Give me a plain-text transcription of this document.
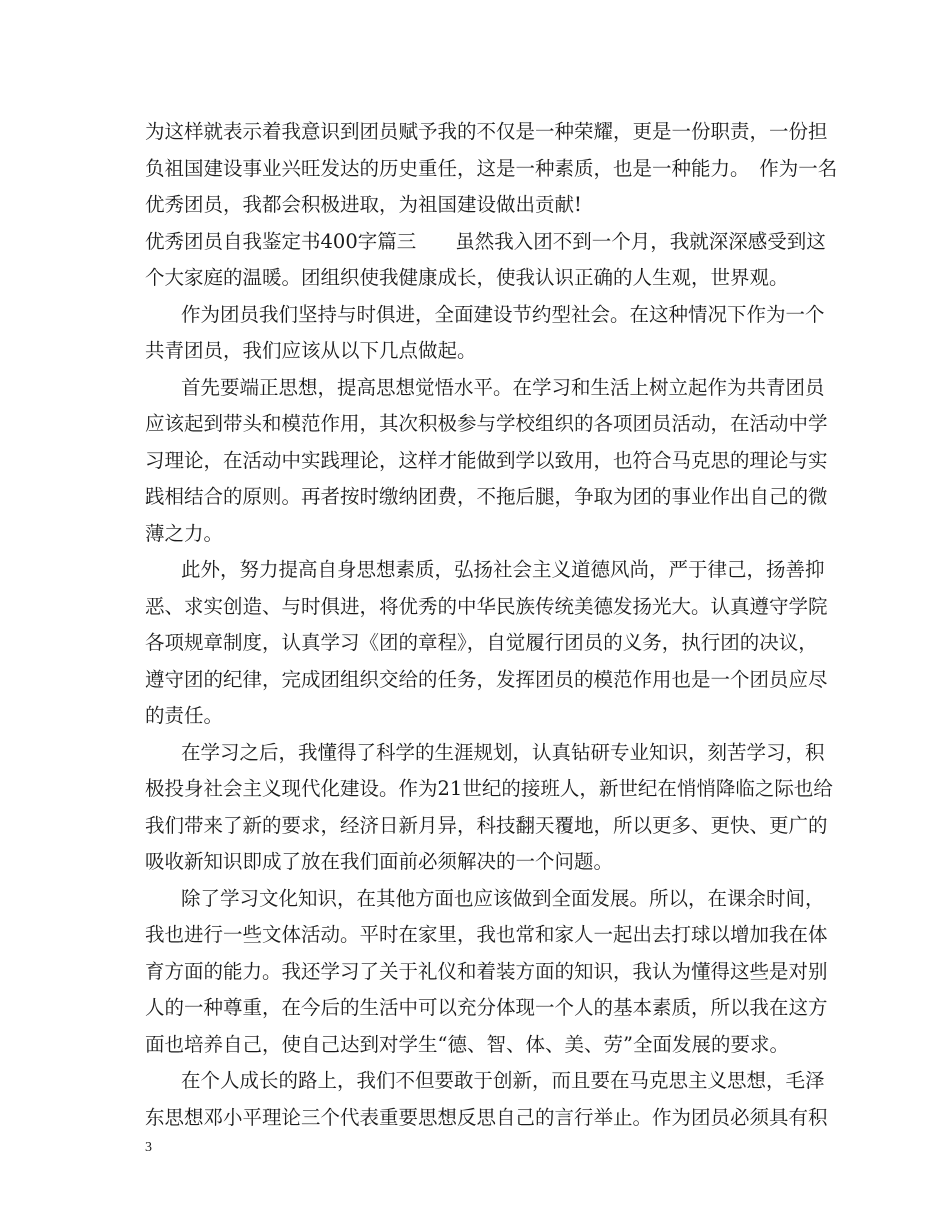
为这样就表示着我意识到团员赋予我的不仅是一种荣耀，更是一份职责，一份担
负祖国建设事业兴旺发达的历史重任，这是一种素质，也是一种能力。　作为一名
优秀团员，我都会积极进取，为祖国建设做出贡献!
优秀团员自我鉴定书400字篇三　　虽然我入团不到一个月，我就深深感受到这
个大家庭的温暖。团组织使我健康成长，使我认识正确的人生观，世界观。
作为团员我们坚持与时俱进，全面建设节约型社会。在这种情况下作为一个
共青团员，我们应该从以下几点做起。
首先要端正思想，提高思想觉悟水平。在学习和生活上树立起作为共青团员
应该起到带头和模范作用，其次积极参与学校组织的各项团员活动，在活动中学
习理论，在活动中实践理论，这样才能做到学以致用，也符合马克思的理论与实
践相结合的原则。再者按时缴纳团费，不拖后腿，争取为团的事业作出自己的微
薄之力。
此外，努力提高自身思想素质，弘扬社会主义道德风尚，严于律己，扬善抑
恶、求实创造、与时俱进，将优秀的中华民族传统美德发扬光大。认真遵守学院
各项规章制度，认真学习《团的章程》，自觉履行团员的义务，执行团的决议，
遵守团的纪律，完成团组织交给的任务，发挥团员的模范作用也是一个团员应尽
的责任。
在学习之后，我懂得了科学的生涯规划，认真钻研专业知识，刻苦学习，积
极投身社会主义现代化建设。作为21世纪的接班人，新世纪在悄悄降临之际也给
我们带来了新的要求，经济日新月异，科技翻天覆地，所以更多、更快、更广的
吸收新知识即成了放在我们面前必须解决的一个问题。
除了学习文化知识，在其他方面也应该做到全面发展。所以，在课余时间，
我也进行一些文体活动。平时在家里，我也常和家人一起出去打球以增加我在体
育方面的能力。我还学习了关于礼仪和着装方面的知识，我认为懂得这些是对别
人的一种尊重，在今后的生活中可以充分体现一个人的基本素质，所以我在这方
面也培养自己，使自己达到对学生“德、智、体、美、劳”全面发展的要求。
在个人成长的路上，我们不但要敢于创新，而且要在马克思主义思想，毛泽
东思想邓小平理论三个代表重要思想反思自己的言行举止。作为团员必须具有积
3
